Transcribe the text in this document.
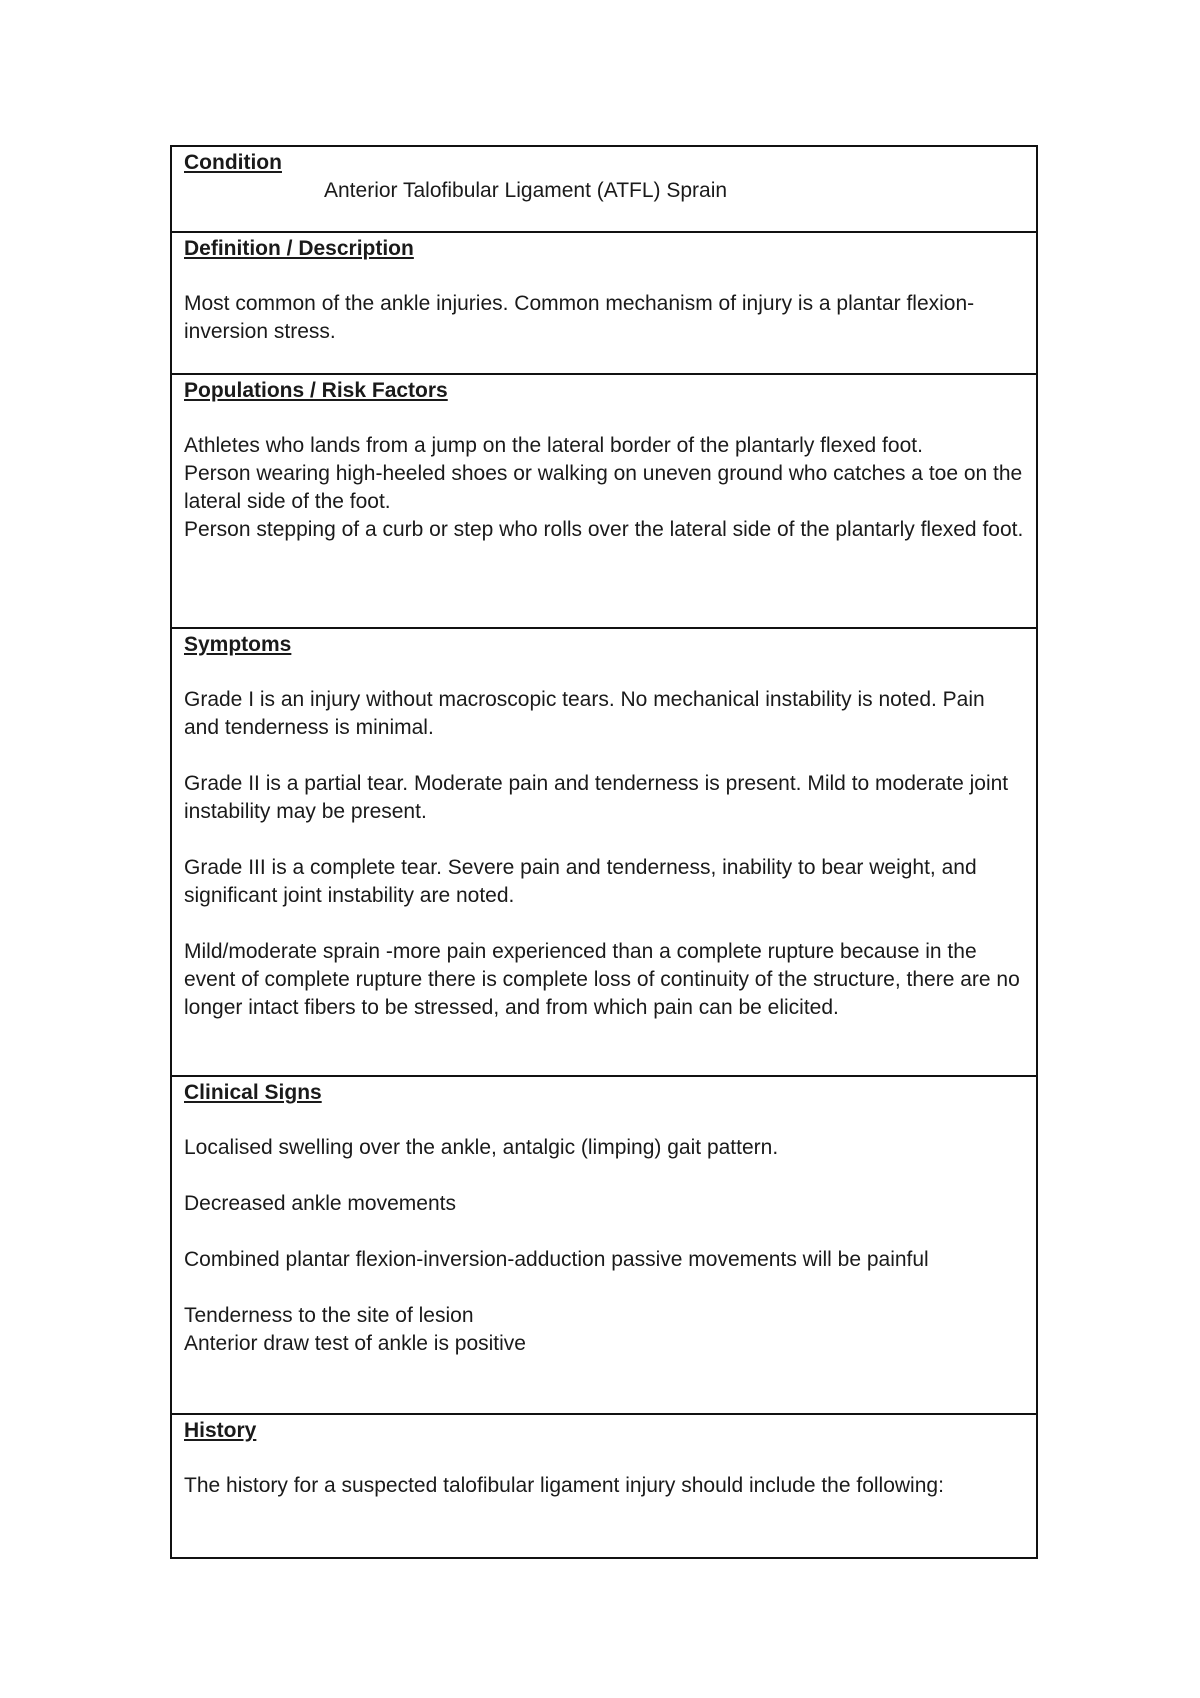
Condition
Anterior Talofibular Ligament (ATFL) Sprain
Definition / Description

Most common of the ankle injuries. Common mechanism of injury is a plantar flexion-inversion stress.

Populations / Risk Factors

Athletes who lands from a jump on the lateral border of the plantarly flexed foot.

Person wearing high-heeled shoes or walking on uneven ground who catches a toe on the lateral side of the foot.

Person stepping of a curb or step who rolls over the lateral side of the plantarly flexed foot.

Symptoms

Grade I is an injury without macroscopic tears. No mechanical instability is noted. Pain and tenderness is minimal.

Grade II is a partial tear. Moderate pain and tenderness is present. Mild to moderate joint instability may be present.

Grade III is a complete tear. Severe pain and tenderness, inability to bear weight, and significant joint instability are noted.

Mild/moderate sprain -more pain experienced than a complete rupture because in the event of complete rupture there is complete loss of continuity of the structure, there are no longer intact fibers to be stressed, and from which pain can be elicited.

Clinical Signs

Localised swelling over the ankle, antalgic (limping) gait pattern.

Decreased ankle movements

Combined plantar flexion-inversion-adduction passive movements will be painful

Tenderness to the site of lesion

Anterior draw test of ankle is positive

History

The history for a suspected talofibular ligament injury should include the following:
